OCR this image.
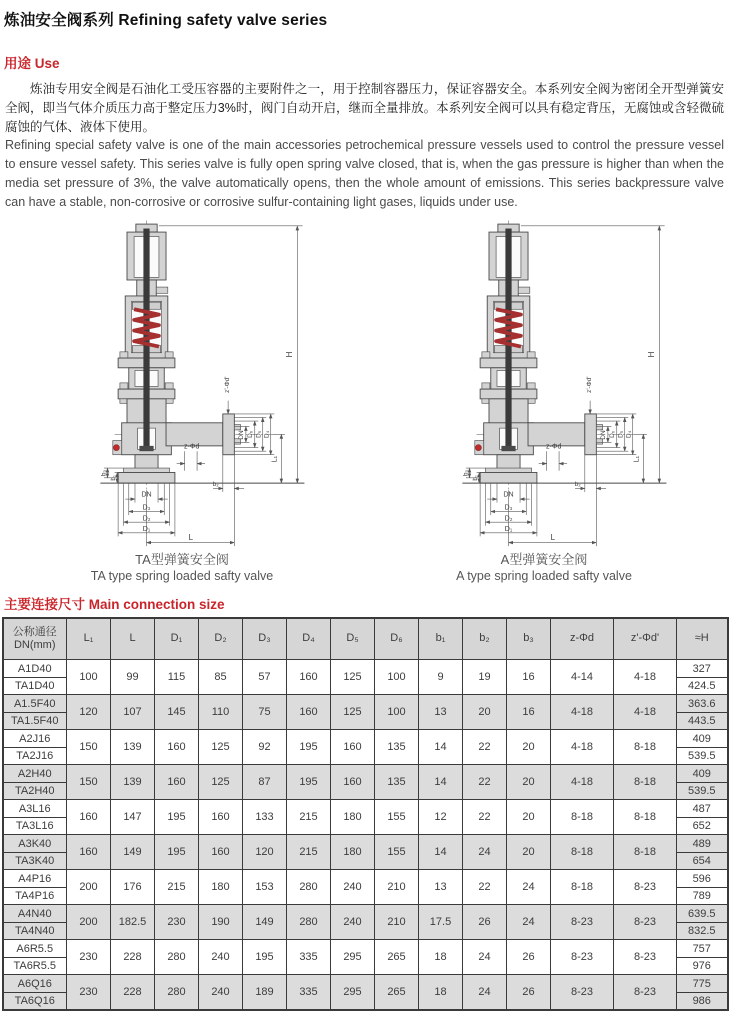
炼油安全阀系列 Refining safety valve series
用途 Use

炼油专用安全阀是石油化工受压容器的主要附件之一，用于控制容器压力，保证容器安全。本系列安全阀为密闭全开型弹簧安全阀，即当气体介质压力高于整定压力3%时，阀门自动开启，继而全量排放。本系列安全阀可以具有稳定背压，无腐蚀或含轻微硫腐蚀的气体、液体下使用。

Refining special safety valve is one of the main accessories petrochemical pressure vessels used to control the pressure vessel to ensure vessel safety. This series valve is fully open spring valve closed, that is, when the gas pressure is higher than when the media set pressure of 3%, the valve automatically opens, then the whole amount of emissions. This series backpressure valve can have a stable, non-corrosive or corrosive sulfur-containing light gases, liquids under use.

H
L₁
DN' D₆ D₅ D₄
z'-Φd'
z-Φd
b₃
b₁
b₂
DN
D₃
D₂
D₁
L
TA型弹簧安全阀
TA type spring loaded safty valve
H
L₁
DN' D₆ D₅ D₄
z'-Φd'
z-Φd
b₃
b₁
b₂
DN
D₃
D₂
D₁
L
A型弹簧安全阀
A type spring loaded safty valve
主要连接尺寸 Main connection size
公称通径
DN(mm)	L₁	L	D₁	D₂	D₃	D₄	D₅	D₆	b₁	b₂	b₃	z-Φd	z'-Φd'	≈H
A1D40	100	99	115	85	57	160	125	100	9	19	16	4-14	4-18	327
TA1D40														424.5
A1.5F40	120	107	145	110	75	160	125	100	13	20	16	4-18	4-18	363.6
TA1.5F40														443.5
A2J16	150	139	160	125	92	195	160	135	14	22	20	4-18	8-18	409
TA2J16														539.5
A2H40	150	139	160	125	87	195	160	135	14	22	20	4-18	8-18	409
TA2H40														539.5
A3L16	160	147	195	160	133	215	180	155	12	22	20	8-18	8-18	487
TA3L16														652
A3K40	160	149	195	160	120	215	180	155	14	24	20	8-18	8-18	489
TA3K40														654
A4P16	200	176	215	180	153	280	240	210	13	22	24	8-18	8-23	596
TA4P16														789
A4N40	200	182.5	230	190	149	280	240	210	17.5	26	24	8-23	8-23	639.5
TA4N40														832.5
A6R5.5	230	228	280	240	195	335	295	265	18	24	26	8-23	8-23	757
TA6R5.5														976
A6Q16	230	228	280	240	189	335	295	265	18	24	26	8-23	8-23	775
TA6Q16														986
